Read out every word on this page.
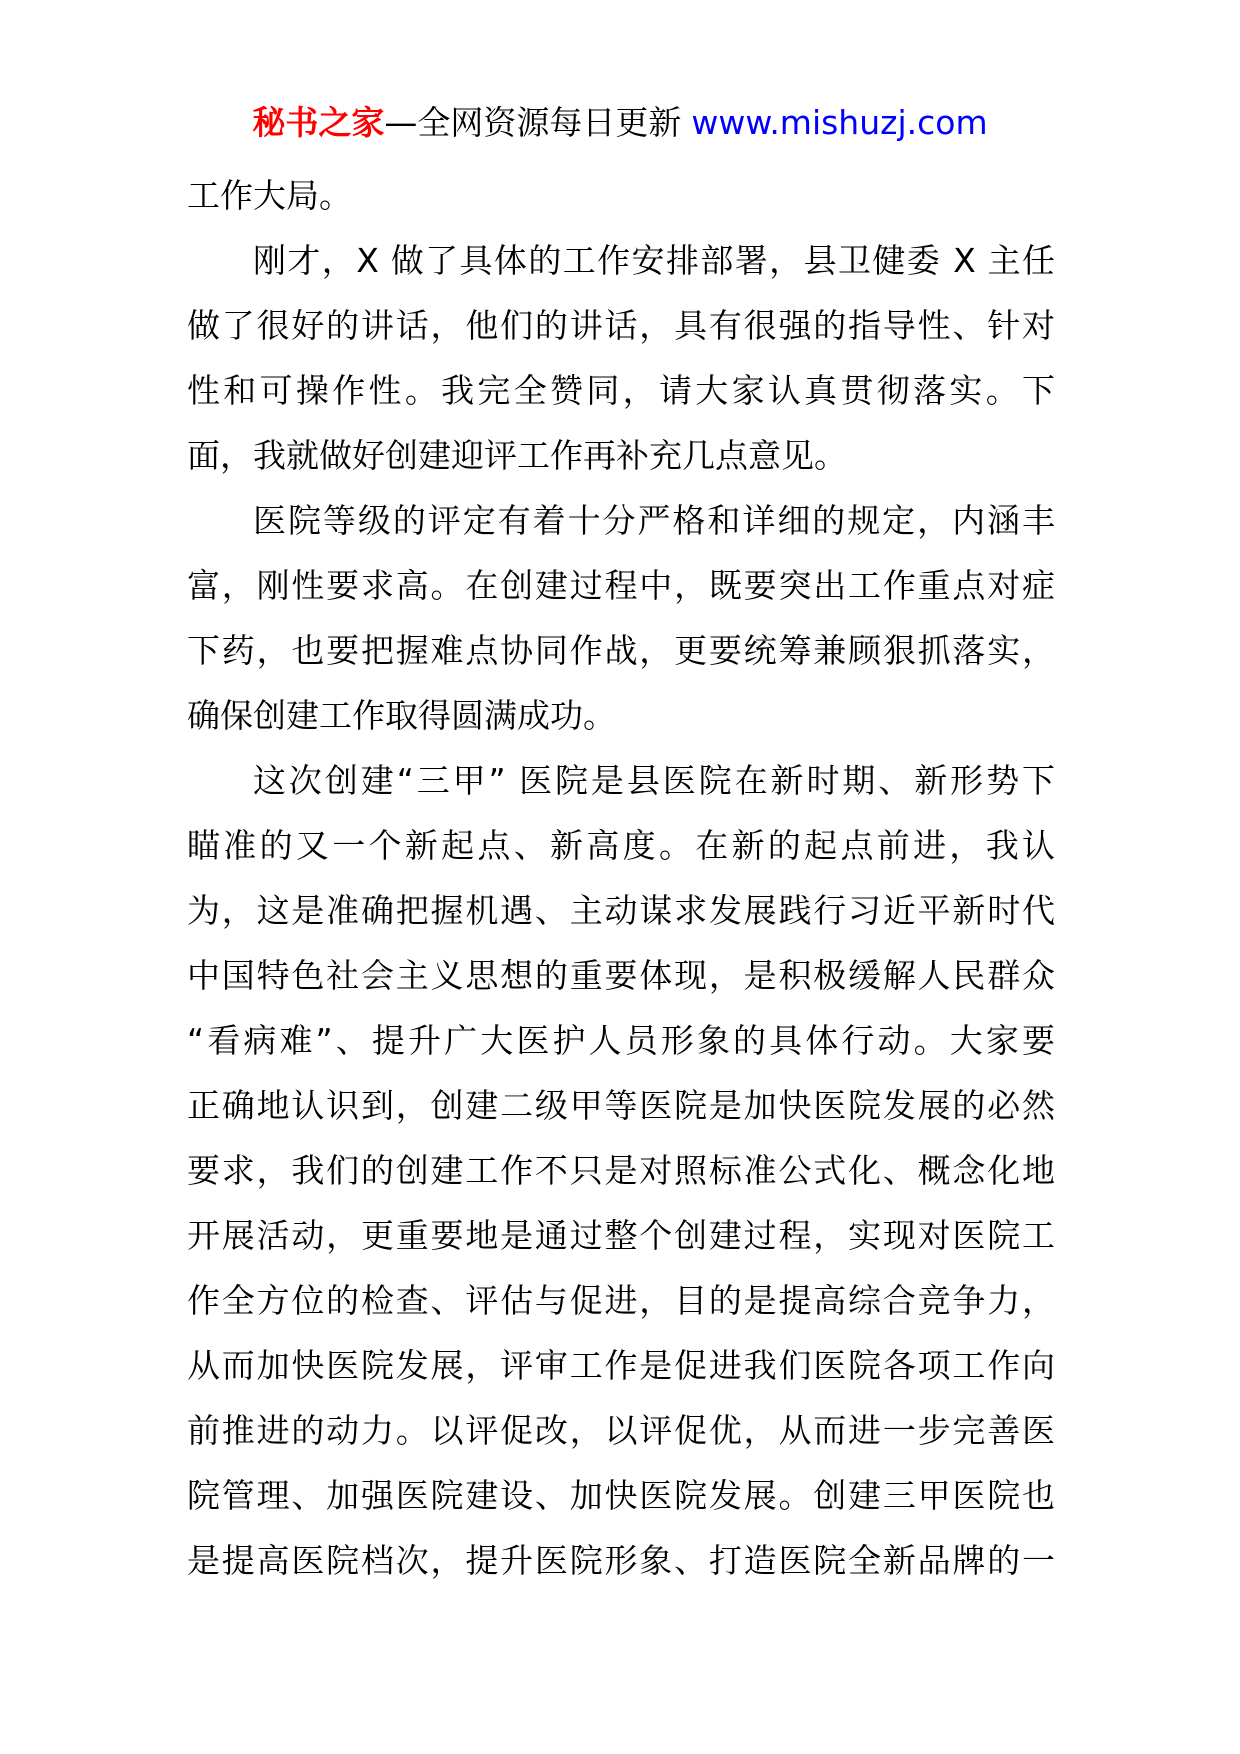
秘书之家—全网资源每日更新 www.mishuzj.com
工作大局。
刚才，X 做了具体的工作安排部署，县卫健委 X 主任
做了很好的讲话，他们的讲话，具有很强的指导性、针对
性和可操作性。我完全赞同，请大家认真贯彻落实。下
面，我就做好创建迎评工作再补充几点意见。
医院等级的评定有着十分严格和详细的规定，内涵丰
富，刚性要求高。在创建过程中，既要突出工作重点对症
下药，也要把握难点协同作战，更要统筹兼顾狠抓落实，
确保创建工作取得圆满成功。
这次创建“三甲” 医院是县医院在新时期、新形势下
瞄准的又一个新起点、新高度。在新的起点前进，我认
为，这是准确把握机遇、主动谋求发展践行习近平新时代
中国特色社会主义思想的重要体现，是积极缓解人民群众
“看病难”、提升广大医护人员形象的具体行动。大家要
正确地认识到，创建二级甲等医院是加快医院发展的必然
要求，我们的创建工作不只是对照标准公式化、概念化地
开展活动，更重要地是通过整个创建过程，实现对医院工
作全方位的检查、评估与促进，目的是提高综合竞争力，
从而加快医院发展，评审工作是促进我们医院各项工作向
前推进的动力。以评促改，以评促优，从而进一步完善医
院管理、加强医院建设、加快医院发展。创建三甲医院也
是提高医院档次，提升医院形象、打造医院全新品牌的一
